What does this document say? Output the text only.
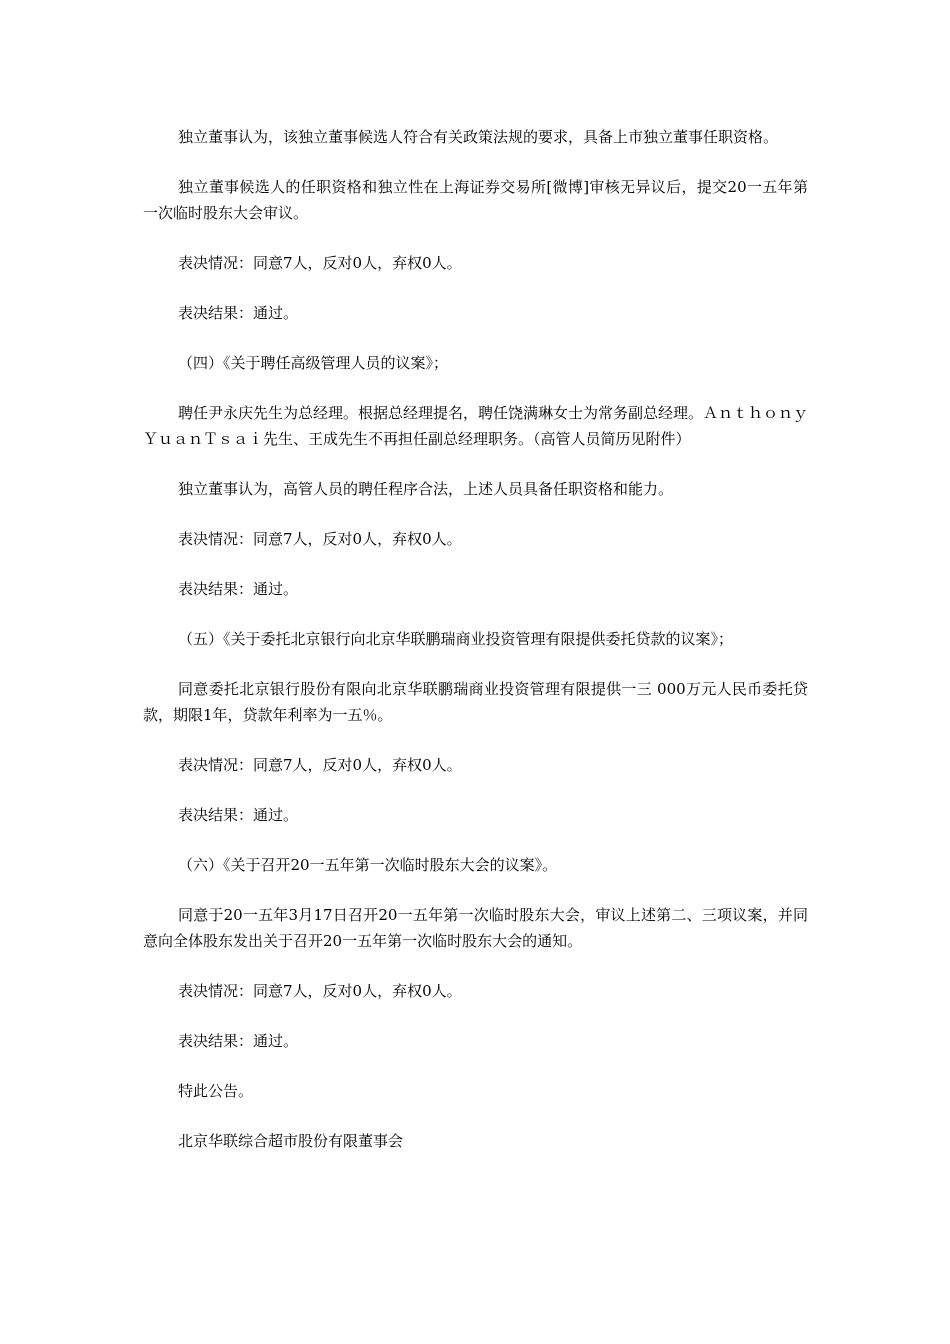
独立董事认为，该独立董事候选人符合有关政策法规的要求，具备上市独立董事任职资格。

独立董事候选人的任职资格和独立性在上海证券交易所[微博]审核无异议后，提交20一五年第一次临时股东大会审议。

表决情况：同意7人，反对0人，弃权0人。

表决结果：通过。

（四）《关于聘任高级管理人员的议案》；

聘任尹永庆先生为总经理。根据总经理提名，聘任饶满琳女士为常务副总经理。ＡｎｔｈｏｎｙＹｕａｎＴｓａｉ先生、王成先生不再担任副总经理职务。（高管人员简历见附件）

独立董事认为，高管人员的聘任程序合法，上述人员具备任职资格和能力。

表决情况：同意7人，反对0人，弃权0人。

表决结果：通过。

（五）《关于委托北京银行向北京华联鹏瑞商业投资管理有限提供委托贷款的议案》；

同意委托北京银行股份有限向北京华联鹏瑞商业投资管理有限提供一三 000万元人民币委托贷款，期限1年，贷款年利率为一五％。

表决情况：同意7人，反对0人，弃权0人。

表决结果：通过。

（六）《关于召开20一五年第一次临时股东大会的议案》。

同意于20一五年3月17日召开20一五年第一次临时股东大会，审议上述第二、三项议案，并同意向全体股东发出关于召开20一五年第一次临时股东大会的通知。

表决情况：同意7人，反对0人，弃权0人。

表决结果：通过。

特此公告。

北京华联综合超市股份有限董事会
